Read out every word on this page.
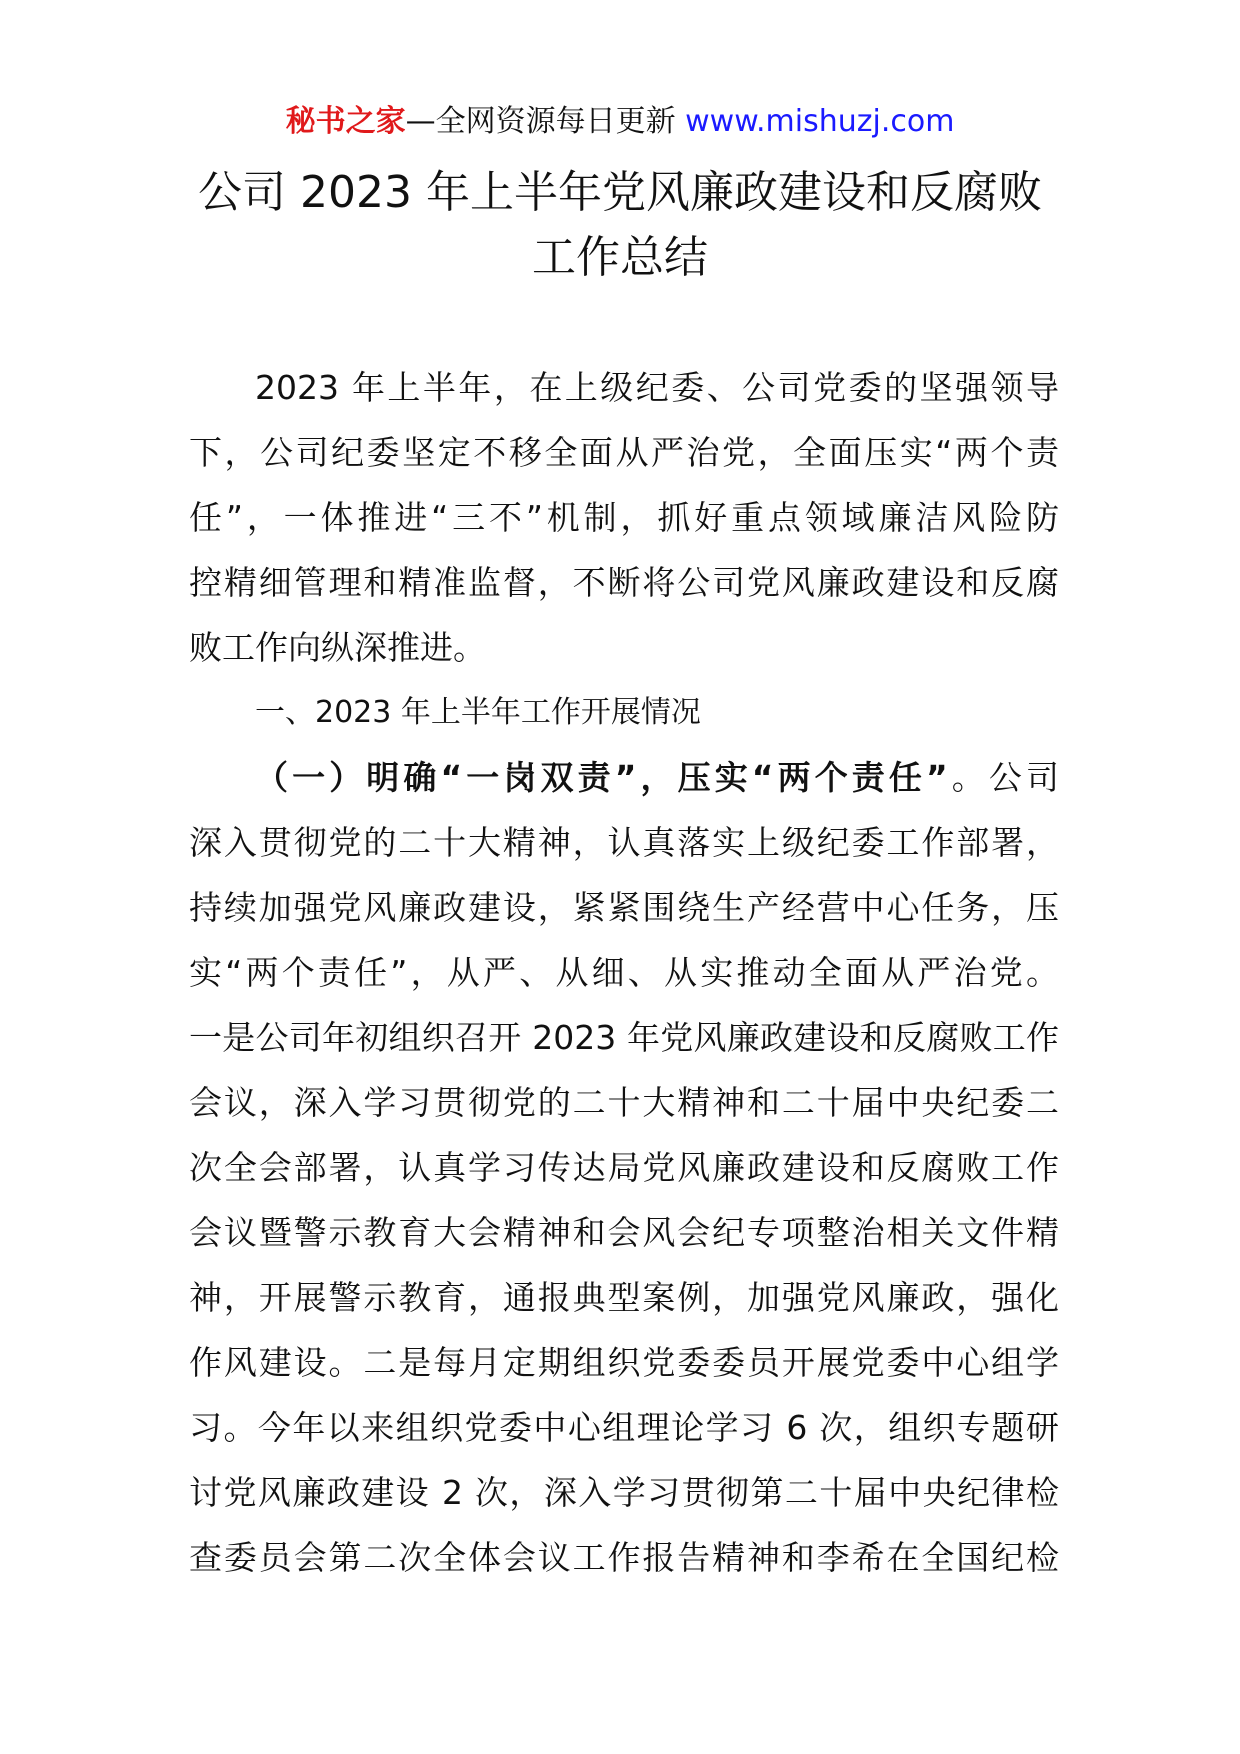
秘书之家—全网资源每日更新 www.mishuzj.com
公司 2023 年上半年党风廉政建设和反腐败
工作总结
2023 年上半年，在上级纪委、公司党委的坚强领导
下，公司纪委坚定不移全面从严治党，全面压实“两个责
任”，一体推进“三不”机制，抓好重点领域廉洁风险防
控精细管理和精准监督，不断将公司党风廉政建设和反腐
败工作向纵深推进。
一、2023 年上半年工作开展情况
（一）明确“一岗双责”，压实“两个责任”。公司
深入贯彻党的二十大精神，认真落实上级纪委工作部署，
持续加强党风廉政建设，紧紧围绕生产经营中心任务，压
实“两个责任”，从严、从细、从实推动全面从严治党。
一是公司年初组织召开 2023 年党风廉政建设和反腐败工作
会议，深入学习贯彻党的二十大精神和二十届中央纪委二
次全会部署，认真学习传达局党风廉政建设和反腐败工作
会议暨警示教育大会精神和会风会纪专项整治相关文件精
神，开展警示教育，通报典型案例，加强党风廉政，强化
作风建设。二是每月定期组织党委委员开展党委中心组学
习。今年以来组织党委中心组理论学习 6 次，组织专题研
讨党风廉政建设 2 次，深入学习贯彻第二十届中央纪律检
查委员会第二次全体会议工作报告精神和李希在全国纪检
